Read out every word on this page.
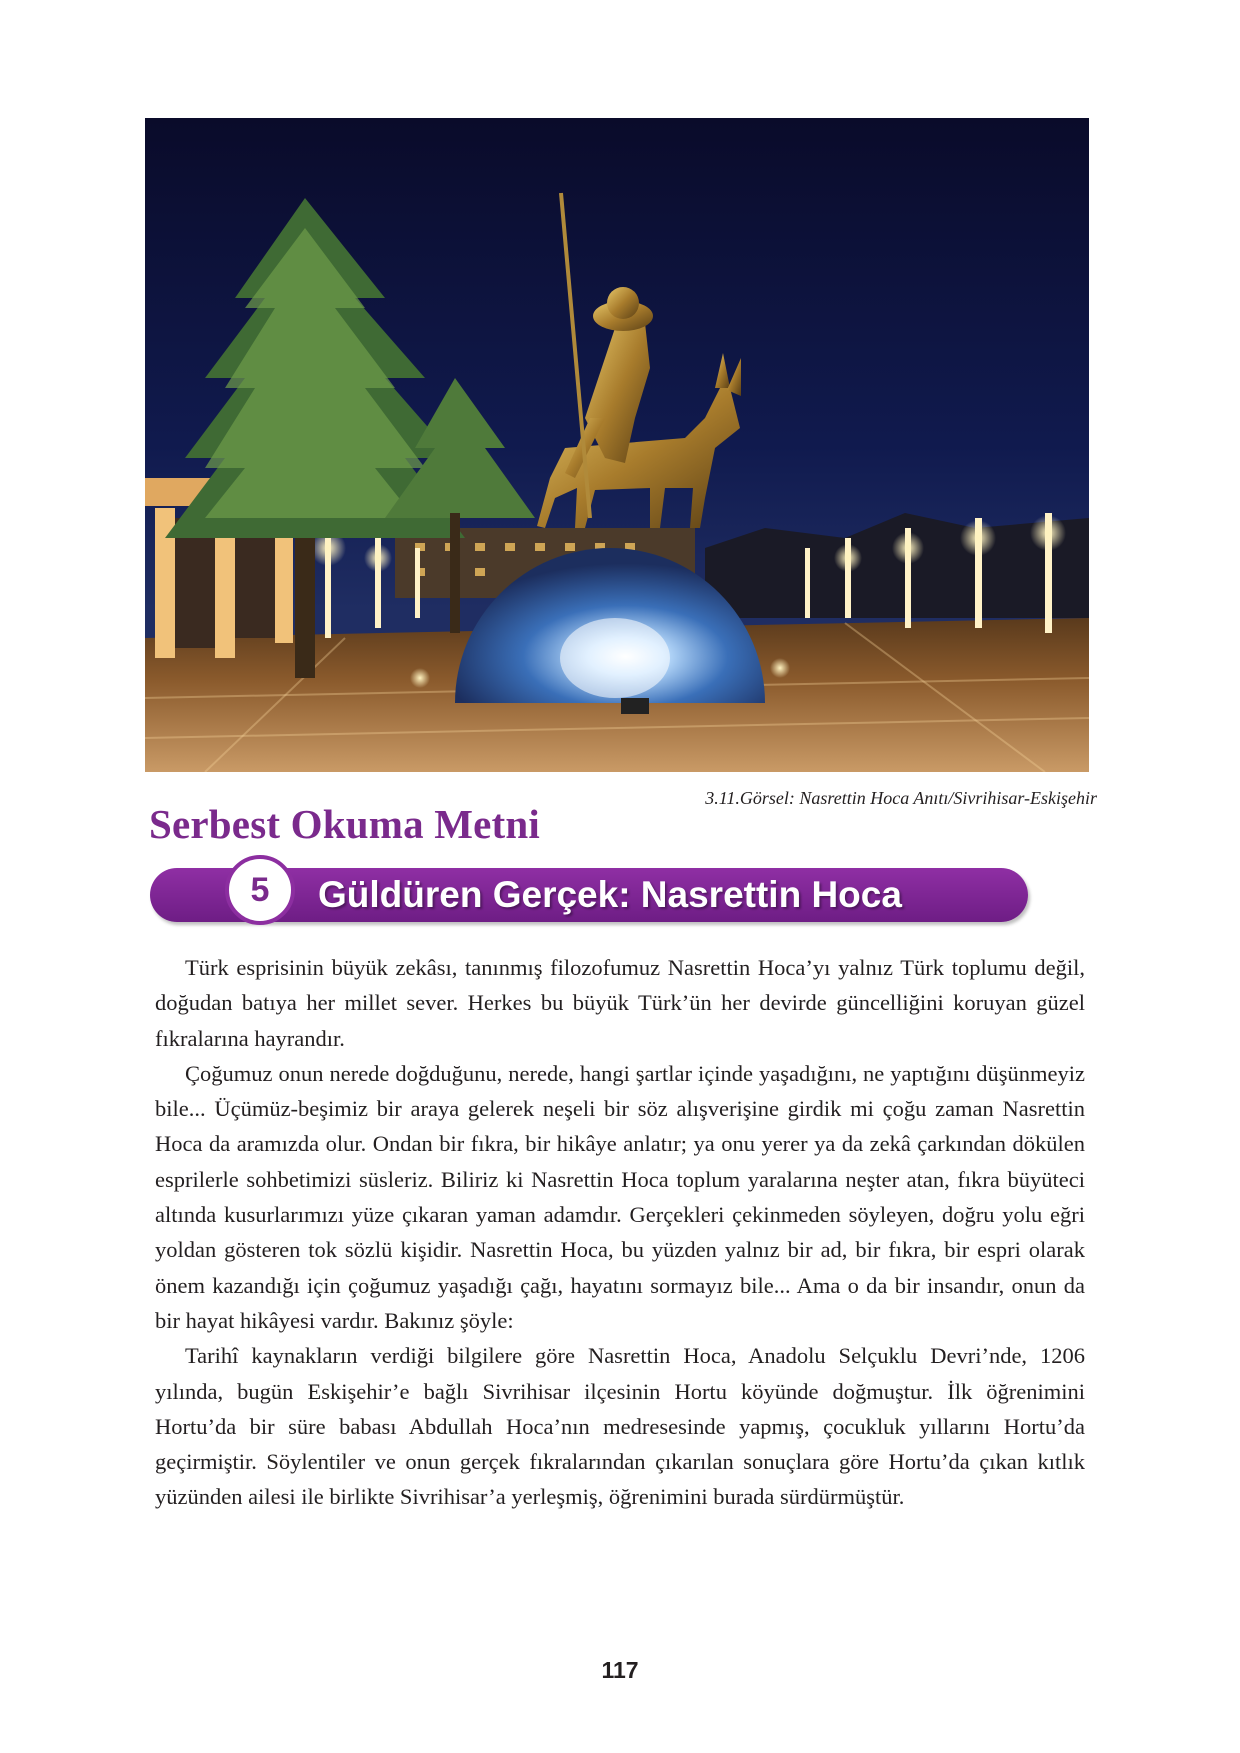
3.11.Görsel: Nasrettin Hoca Anıtı/Sivrihisar-Eskişehir
Serbest Okuma Metni
5	Güldüren Gerçek: Nasrettin Hoca

Türk esprisinin büyük zekâsı, tanınmış filozofumuz Nasrettin Hoca’yı yalnız Türk toplumu değil, doğudan batıya her millet sever. Herkes bu büyük Türk’ün her devirde güncelliğini koruyan güzel fıkralarına hayrandır.

Çoğumuz onun nerede doğduğunu, nerede, hangi şartlar içinde yaşadığını, ne yaptığını düşünmeyiz bile... Üçümüz-beşimiz bir araya gelerek neşeli bir söz alışverişine girdik mi çoğu zaman Nasrettin Hoca da aramızda olur. Ondan bir fıkra, bir hikâye anlatır; ya onu yerer ya da zekâ çarkından dökülen esprilerle sohbetimizi süsleriz. Biliriz ki Nasrettin Hoca toplum yaralarına neşter atan, fıkra büyüteci altında kusurlarımızı yüze çıkaran yaman adamdır. Gerçekleri çekinmeden söyleyen, doğru yolu eğri yoldan gösteren tok sözlü kişidir. Nasrettin Hoca, bu yüzden yalnız bir ad, bir fıkra, bir espri olarak önem kazandığı için çoğumuz yaşadığı çağı, hayatını sormayız bile... Ama o da bir insandır, onun da bir hayat hikâyesi vardır. Bakınız şöyle:

Tarihî kaynakların verdiği bilgilere göre Nasrettin Hoca, Anadolu Selçuklu Devri’nde, 1206 yılında, bugün Eskişehir’e bağlı Sivrihisar ilçesinin Hortu köyünde doğmuştur. İlk öğrenimini Hortu’da bir süre babası Abdullah Hoca’nın medresesinde yapmış, çocukluk yıllarını Hortu’da geçirmiştir. Söylentiler ve onun gerçek fıkralarından çıkarılan sonuçlara göre Hortu’da çıkan kıtlık yüzünden ailesi ile birlikte Sivrihisar’a yerleşmiş, öğrenimini burada sürdürmüştür.

117
